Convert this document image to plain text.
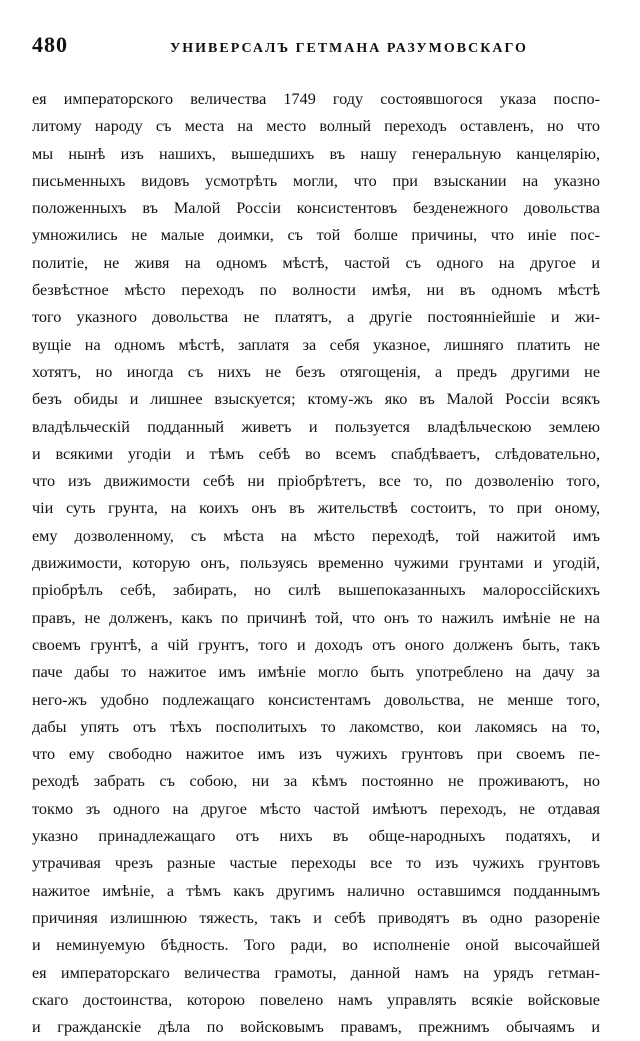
480	УНИВЕРСАЛЪ ГЕТМАНА РАЗУМОВСКАГО
ея императорского величества 1749 году состоявшогося указа поспо-
литому народу съ места на место волный переходъ оставленъ, но что
мы нынѣ изъ нашихъ, вышедшихъ въ нашу генеральную канцелярію,
письменныхъ видовъ усмотрѣть могли, что при взыскании на указно
положенныхъ въ Малой Россіи консистентовъ безденежного довольства
умножились не малые доимки, съ той болше причины, что иніе пос-
политіе, не живя на одномъ мѣстѣ, частой съ одного на другое и
безвѣстное мѣсто переходъ по волности имѣя, ни въ одномъ мѣстѣ
того указного довольства не платятъ, а другіе постоянніейшіе и жи-
вущіе на одномъ мѣстѣ, заплатя за себя указное, лишняго платить не
хотятъ, но иногда съ нихъ не безъ отягощенія, а предъ другими не
безъ обиды и лишнее взыскуется; ктому-жъ яко въ Малой Россіи всякъ
владѣльческій подданный живетъ и пользуется владѣльческою землею
и всякими угодіи и тѣмъ себѣ во всемъ спабдѣваетъ, слѣдовательно,
что изъ движимости себѣ ни пріобрѣтетъ, все то, по дозволенію того,
чіи суть грунта, на коихъ онъ въ жительствѣ состоитъ, то при оному,
ему дозволенному, съ мѣста на мѣсто переходѣ, той нажитой имъ
движимости, которую онъ, пользуясь временно чужими грунтами и угодій,
пріобрѣлъ себѣ, забирать, но силѣ вышепоказанныхъ малороссійскихъ
правъ, не долженъ, какъ по причинѣ той, что онъ то нажилъ имѣніе не на
своемъ грунтѣ, а чій грунтъ, того и доходъ отъ оного долженъ быть, такъ
паче дабы то нажитое имъ имѣніе могло быть употреблено на дачу за
него-жъ удобно подлежащаго консистентамъ довольства, не менше того,
дабы упять отъ тѣхъ посполитыхъ то лакомство, кои лакомясь на то,
что ему свободно нажитое имъ изъ чужихъ грунтовъ при своемъ пе-
реходѣ забрать съ собою, ни за кѣмъ постоянно не проживаютъ, но
токмо зъ одного на другое мѣсто частой имѣютъ переходъ, не отдавая
указно принадлежащаго отъ нихъ въ обще-народныхъ податяхъ, и
утрачивая чрезъ разные частые переходы все то изъ чужихъ грунтовъ
нажитое имѣніе, а тѣмъ какъ другимъ налично оставшимся подданнымъ
причиняя излишнюю тяжесть, такъ и себѣ приводятъ въ одно разореніе
и неминуемую бѣдность. Того ради, во исполненіе оной высочайшей
ея императорскаго величества грамоты, данной намъ на урядъ гетман-
скаго достоинства, которою повелено намъ управлять всякіе войсковые
и гражданскіе дѣла по войсковымъ правамъ, прежнимъ обычаямъ и
